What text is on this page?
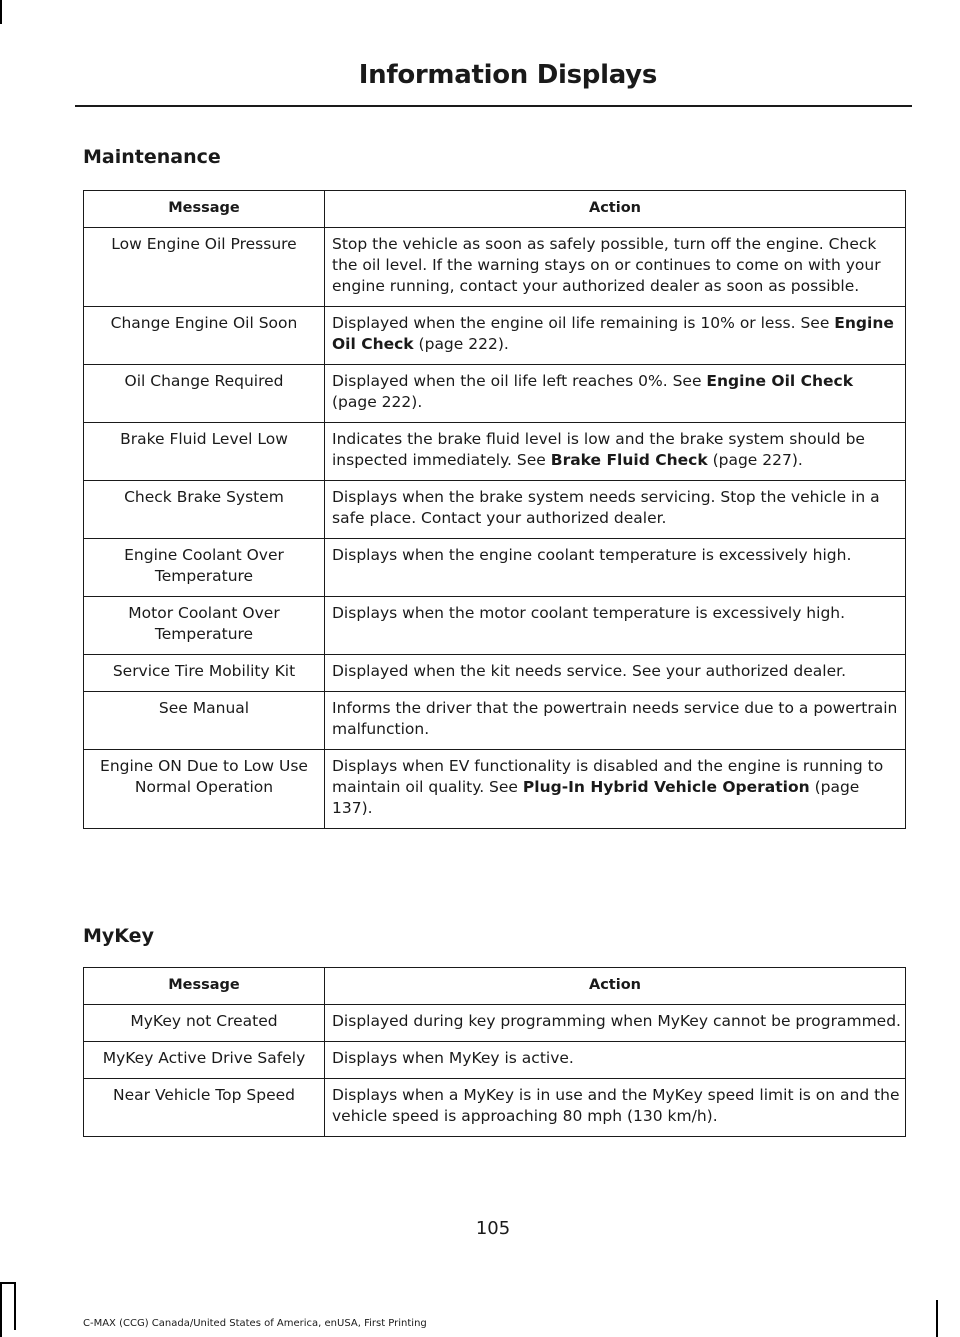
Information Displays
Maintenance
Message	Action
Low Engine Oil Pressure	Stop the vehicle as soon as safely possible, turn off the engine. Check the oil level. If the warning stays on or continues to come on with your engine running, contact your authorized dealer as soon as possible.
Change Engine Oil Soon	Displayed when the engine oil life remaining is 10% or less. See Engine Oil Check (page 222).
Oil Change Required	Displayed when the oil life left reaches 0%. See Engine Oil Check (page 222).
Brake Fluid Level Low	Indicates the brake fluid level is low and the brake system should be inspected immediately. See Brake Fluid Check (page 227).
Check Brake System	Displays when the brake system needs servicing. Stop the vehicle in a safe place. Contact your authorized dealer.
Engine Coolant Over Temperature	Displays when the engine coolant temperature is excessively high.
Motor Coolant Over Temperature	Displays when the motor coolant temperature is excessively high.
Service Tire Mobility Kit	Displayed when the kit needs service. See your authorized dealer.
See Manual	Informs the driver that the powertrain needs service due to a powertrain malfunction.
Engine ON Due to Low Use Normal Operation	Displays when EV functionality is disabled and the engine is running to maintain oil quality. See Plug-In Hybrid Vehicle Operation (page 137).
MyKey
Message	Action
MyKey not Created	Displayed during key programming when MyKey cannot be programmed.
MyKey Active Drive Safely	Displays when MyKey is active.
Near Vehicle Top Speed	Displays when a MyKey is in use and the MyKey speed limit is on and the vehicle speed is approaching 80 mph (130 km/h).
105
C-MAX (CCG) Canada/United States of America, enUSA, First Printing
